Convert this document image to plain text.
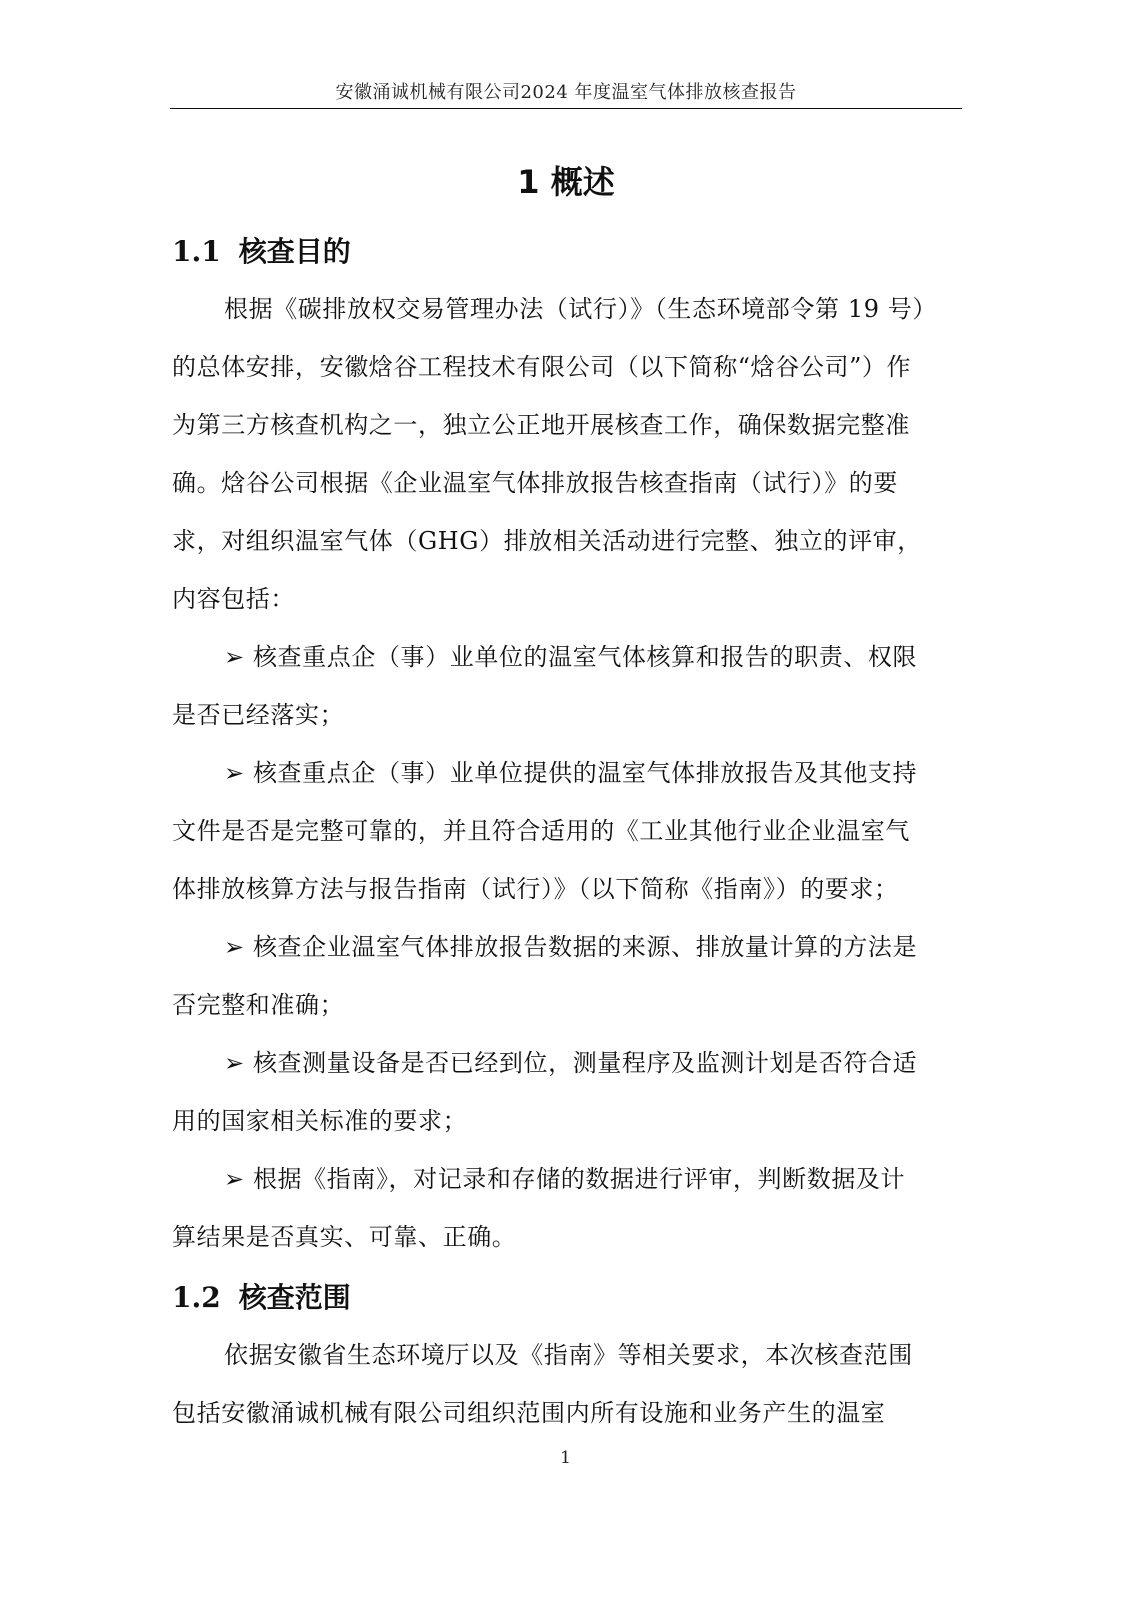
安徽涌诚机械有限公司2024 年度温室气体排放核查报告
1 概述
1.1 核查目的
根据《碳排放权交易管理办法（试行）》（生态环境部令第 19 号）
的总体安排，安徽焓谷工程技术有限公司（以下简称“焓谷公司”）作
为第三方核查机构之一，独立公正地开展核查工作，确保数据完整准
确。焓谷公司根据《企业温室气体排放报告核查指南（试行）》的要
求，对组织温室气体（GHG）排放相关活动进行完整、独立的评审，
内容包括：
➢ 核查重点企（事）业单位的温室气体核算和报告的职责、权限
是否已经落实；
➢ 核查重点企（事）业单位提供的温室气体排放报告及其他支持
文件是否是完整可靠的，并且符合适用的《工业其他行业企业温室气
体排放核算方法与报告指南（试行）》（以下简称《指南》）的要求；
➢ 核查企业温室气体排放报告数据的来源、排放量计算的方法是
否完整和准确；
➢ 核查测量设备是否已经到位，测量程序及监测计划是否符合适
用的国家相关标准的要求；
➢ 根据《指南》，对记录和存储的数据进行评审，判断数据及计
算结果是否真实、可靠、正确。
1.2 核查范围
依据安徽省生态环境厅以及《指南》等相关要求，本次核查范围
包括安徽涌诚机械有限公司组织范围内所有设施和业务产生的温室
1
